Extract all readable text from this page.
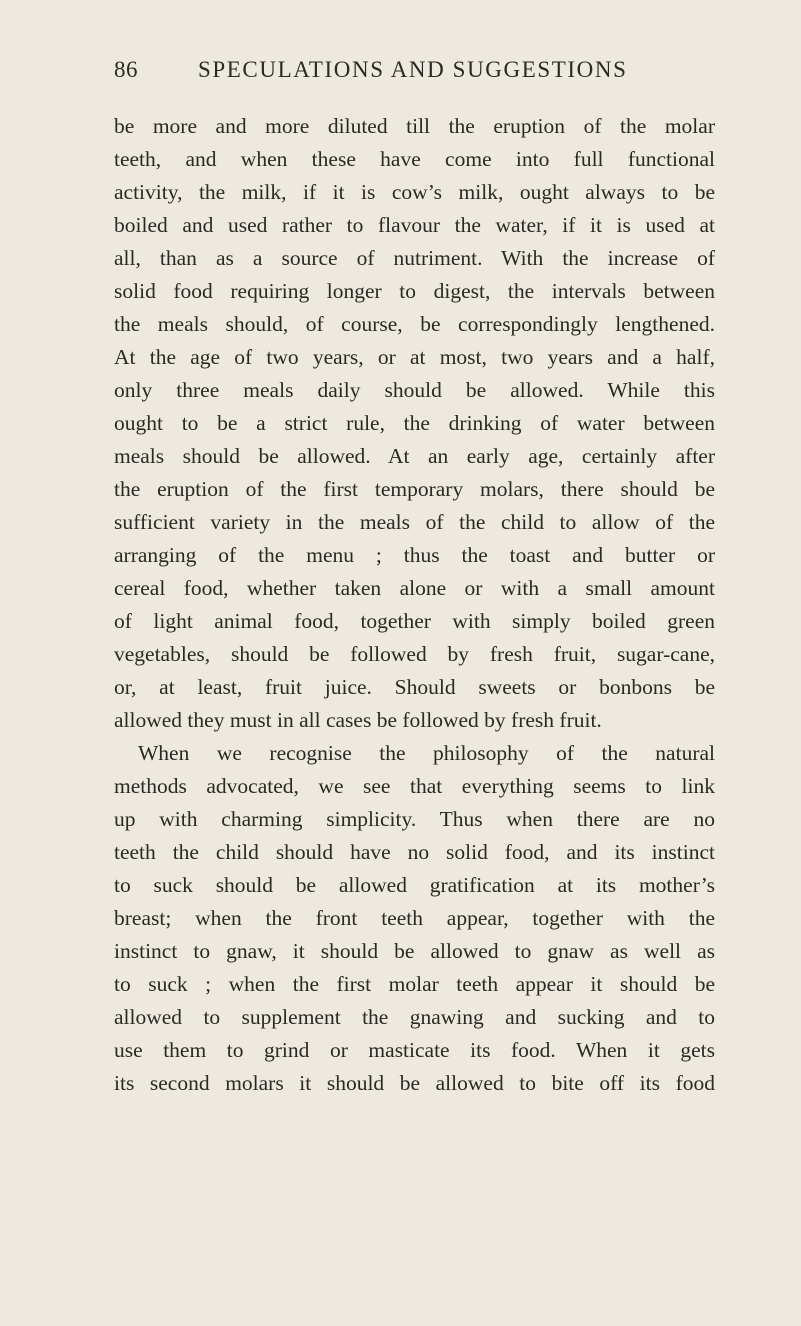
86	SPECULATIONS AND SUGGESTIONS
be more and more diluted till the eruption of the molar
teeth, and when these have come into full functional
activity, the milk, if it is cow’s milk, ought always to be
boiled and used rather to flavour the water, if it is used at
all, than as a source of nutriment. With the increase of
solid food requiring longer to digest, the intervals between
the meals should, of course, be correspondingly lengthened.
At the age of two years, or at most, two years and a half,
only three meals daily should be allowed. While this
ought to be a strict rule, the drinking of water between
meals should be allowed. At an early age, certainly after
the eruption of the first temporary molars, there should be
sufficient variety in the meals of the child to allow of the
arranging of the menu ; thus the toast and butter or
cereal food, whether taken alone or with a small amount
of light animal food, together with simply boiled green
vegetables, should be followed by fresh fruit, sugar-cane,
or, at least, fruit juice. Should sweets or bonbons be
allowed they must in all cases be followed by fresh fruit.
When we recognise the philosophy of the natural
methods advocated, we see that everything seems to link
up with charming simplicity. Thus when there are no
teeth the child should have no solid food, and its instinct
to suck should be allowed gratification at its mother’s
breast; when the front teeth appear, together with the
instinct to gnaw, it should be allowed to gnaw as well as
to suck ; when the first molar teeth appear it should be
allowed to supplement the gnawing and sucking and to
use them to grind or masticate its food. When it gets
its second molars it should be allowed to bite off its food
